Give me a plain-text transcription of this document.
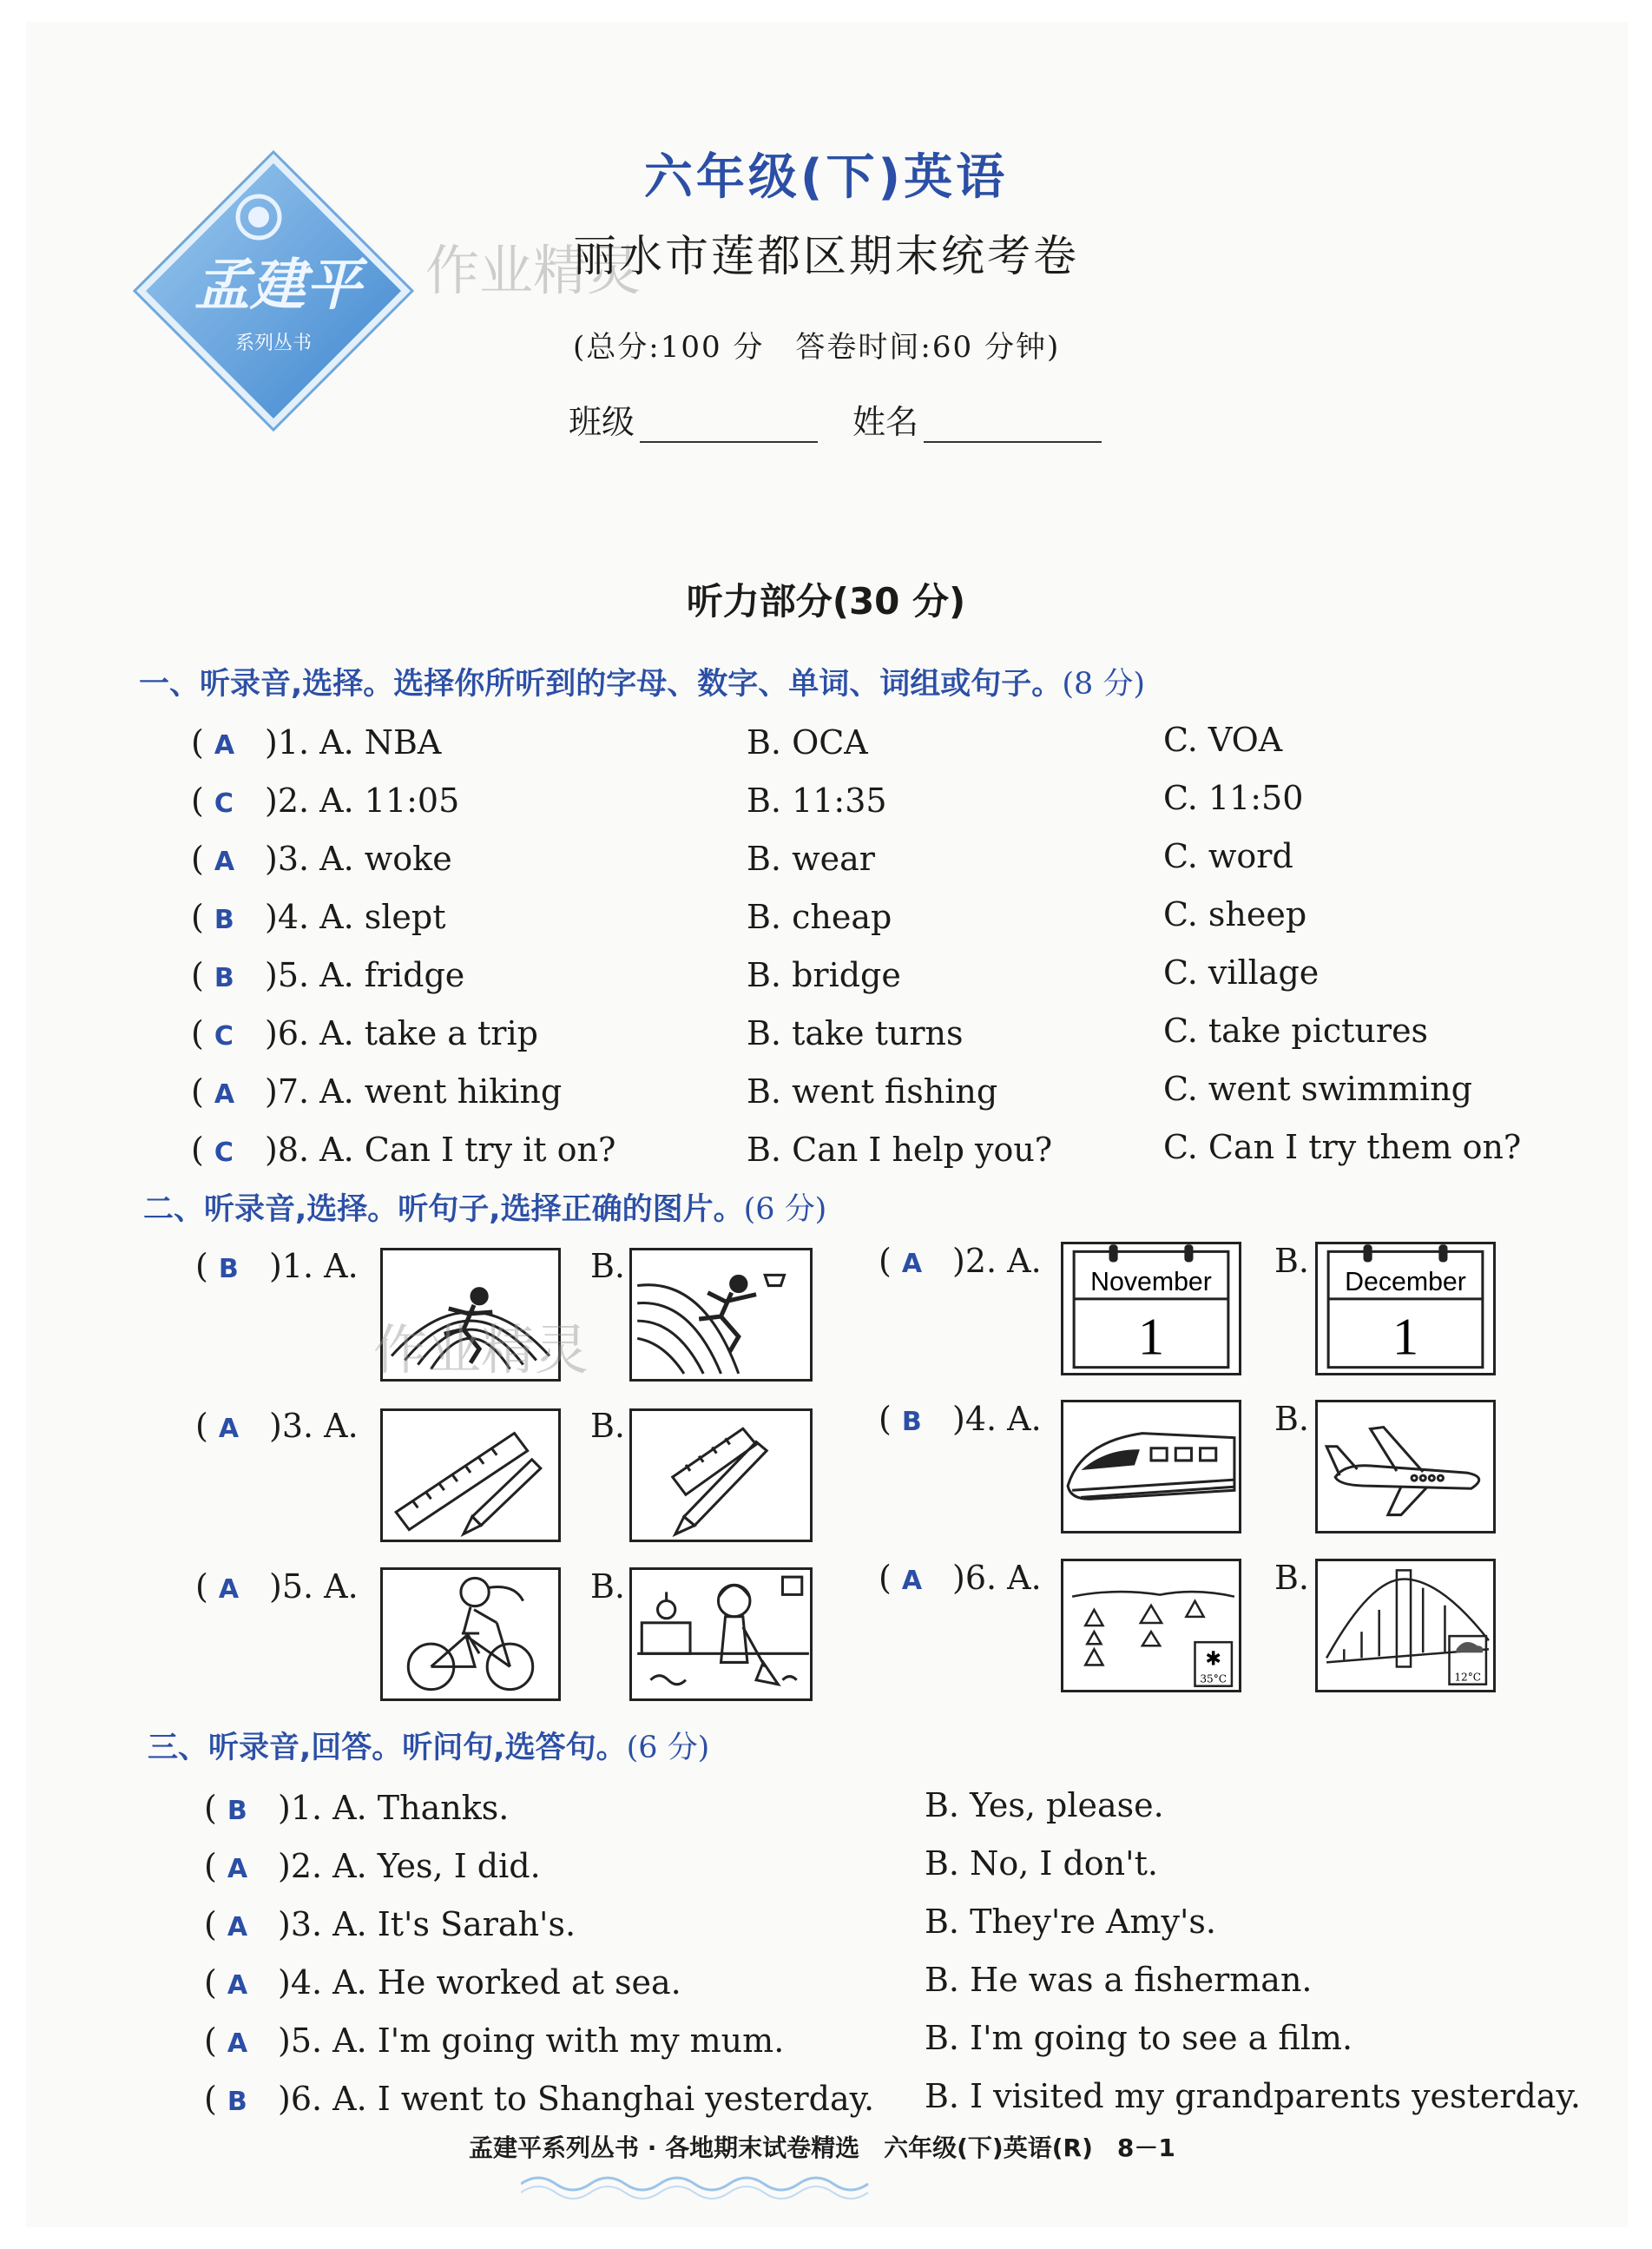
孟建平
系列丛书
六年级(下)英语
作业精灵
丽水市莲都区期末统考卷
(总分:100 分　答卷时间:60 分钟)
班级	姓名
听力部分(30 分)
一、听录音,选择。选择你所听到的字母、数字、单词、词组或句子。(8 分)
( A )1. A. NBA	B. OCA	C. VOA
( C )2. A. 11:05	B. 11:35	C. 11:50
( A )3. A. woke	B. wear	C. word
( B )4. A. slept	B. cheap	C. sheep
( B )5. A. fridge	B. bridge	C. village
( C )6. A. take a trip	B. take turns	C. take pictures
( A )7. A. went hiking	B. went fishing	C. went swimming
( C )8. A. Can I try it on?	B. Can I help you?	C. Can I try them on?
二、听录音,选择。听句子,选择正确的图片。(6 分)
( B )1. A.	B.
作业精灵
( A )2. A.
November
1
B.
December
1
( A )3. A.	B.	( B )4. A.	B.
( A )5. A.	B.	( A )6. A.
✱
35°C
B.
12°C
三、听录音,回答。听问句,选答句。(6 分)
( B )1. A. Thanks.	B. Yes, please.
( A )2. A. Yes, I did.	B. No, I don't.
( A )3. A. It's Sarah's.	B. They're Amy's.
( A )4. A. He worked at sea.	B. He was a fisherman.
( A )5. A. I'm going with my mum.	B. I'm going to see a film.
( B )6. A. I went to Shanghai yesterday. B. I visited my grandparents yesterday.
孟建平系列丛书 · 各地期末试卷精选　六年级(下)英语(R)　8－1
